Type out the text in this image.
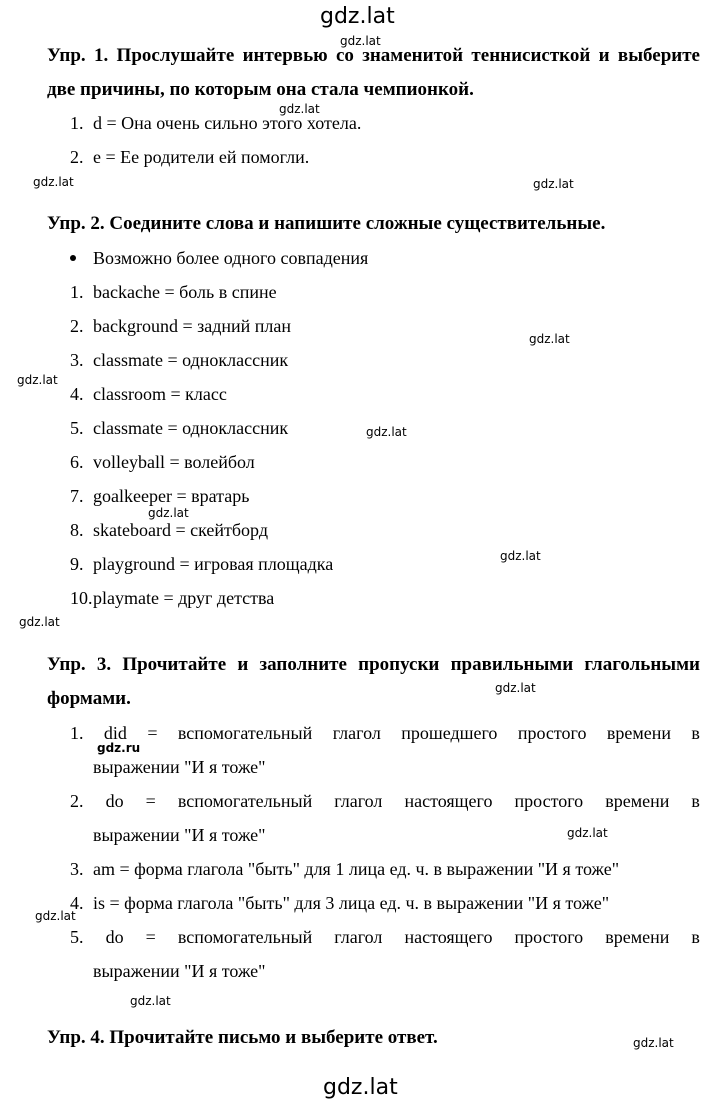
gdz.lat
gdz.lat
Упр. 1. Прослушайте интервью со знаменитой теннисисткой и выберите
две причины, по которым она стала чемпионкой.
gdz.lat
1. d = Она очень сильно этого хотела.
2. e = Ее родители ей помогли.
gdz.lat	gdz.lat
Упр. 2. Соедините слова и напишите сложные существительные.
Возможно более одного совпадения
1. backache = боль в спине
2. background = задний план
gdz.lat
3. classmate = одноклассник
gdz.lat
4. classroom = класс
5. classmate = одноклассник	gdz.lat
6. volleyball = волейбол
7. goalkeeper = вратарь
gdz.lat
8. skateboard = скейтборд
9. playground = игровая площадка	gdz.lat
10.playmate = друг детства
gdz.lat
Упр. 3. Прочитайте и заполните пропуски правильными глагольными
формами.	gdz.lat
1. did = вспомогательный глагол прошедшего простого времени в
выражении "И я тоже"
gdz.ru
2. do = вспомогательный глагол настоящего простого времени в
выражении "И я тоже"	gdz.lat
3. am = форма глагола "быть" для 1 лица ед. ч. в выражении "И я тоже"
4. is = форма глагола "быть" для 3 лица ед. ч. в выражении "И я тоже"
gdz.lat
5. do = вспомогательный глагол настоящего простого времени в
выражении "И я тоже"
gdz.lat
Упр. 4. Прочитайте письмо и выберите ответ.	gdz.lat
gdz.lat
